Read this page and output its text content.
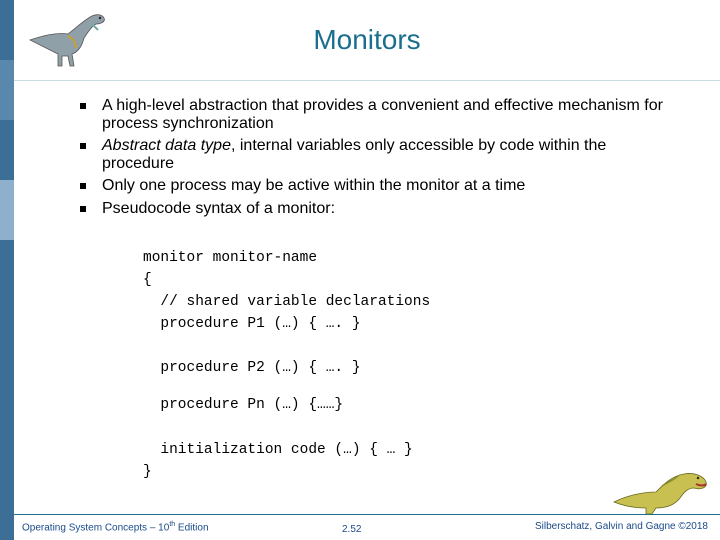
Monitors
A high-level abstraction that provides a convenient and effective mechanism for process synchronization
Abstract data type, internal variables only accessible by code within the procedure
Only one process may be active within the monitor at a time
Pseudocode syntax of a monitor:
monitor monitor-name
{
// shared variable declarations
procedure P1 (…) { …. }
procedure P2 (…) { …. }
procedure Pn (…) {……}
initialization code (…) { … }
}
Operating System Concepts – 10th Edition	2.52	Silberschatz, Galvin and Gagne ©2018
